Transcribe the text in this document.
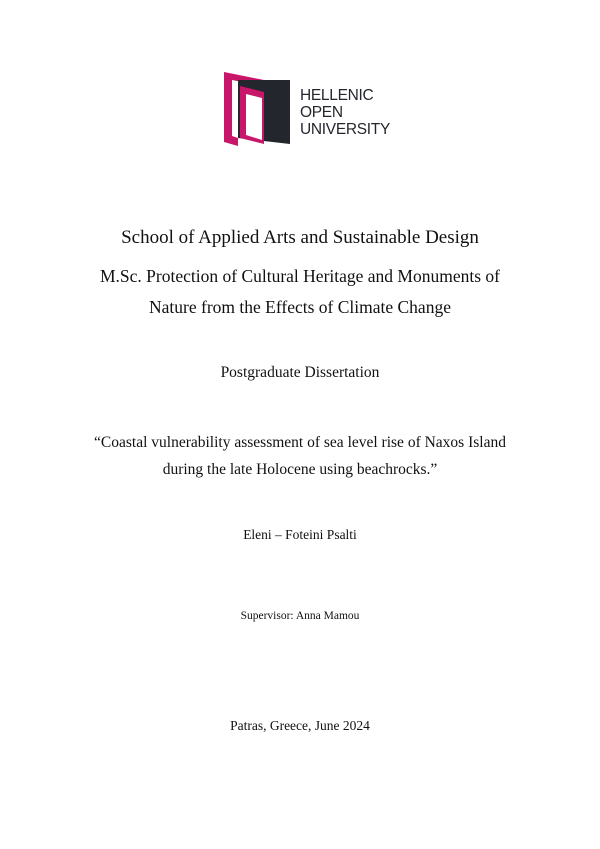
HELLENIC
OPEN
UNIVERSITY
School of Applied Arts and Sustainable Design
M.Sc. Protection of Cultural Heritage and Monuments of
Nature from the Effects of Climate Change
Postgraduate Dissertation
“Coastal vulnerability assessment of sea level rise of Naxos Island
during the late Holocene using beachrocks.”
Eleni – Foteini Psalti
Supervisor: Anna Mamou
Patras, Greece, June 2024
